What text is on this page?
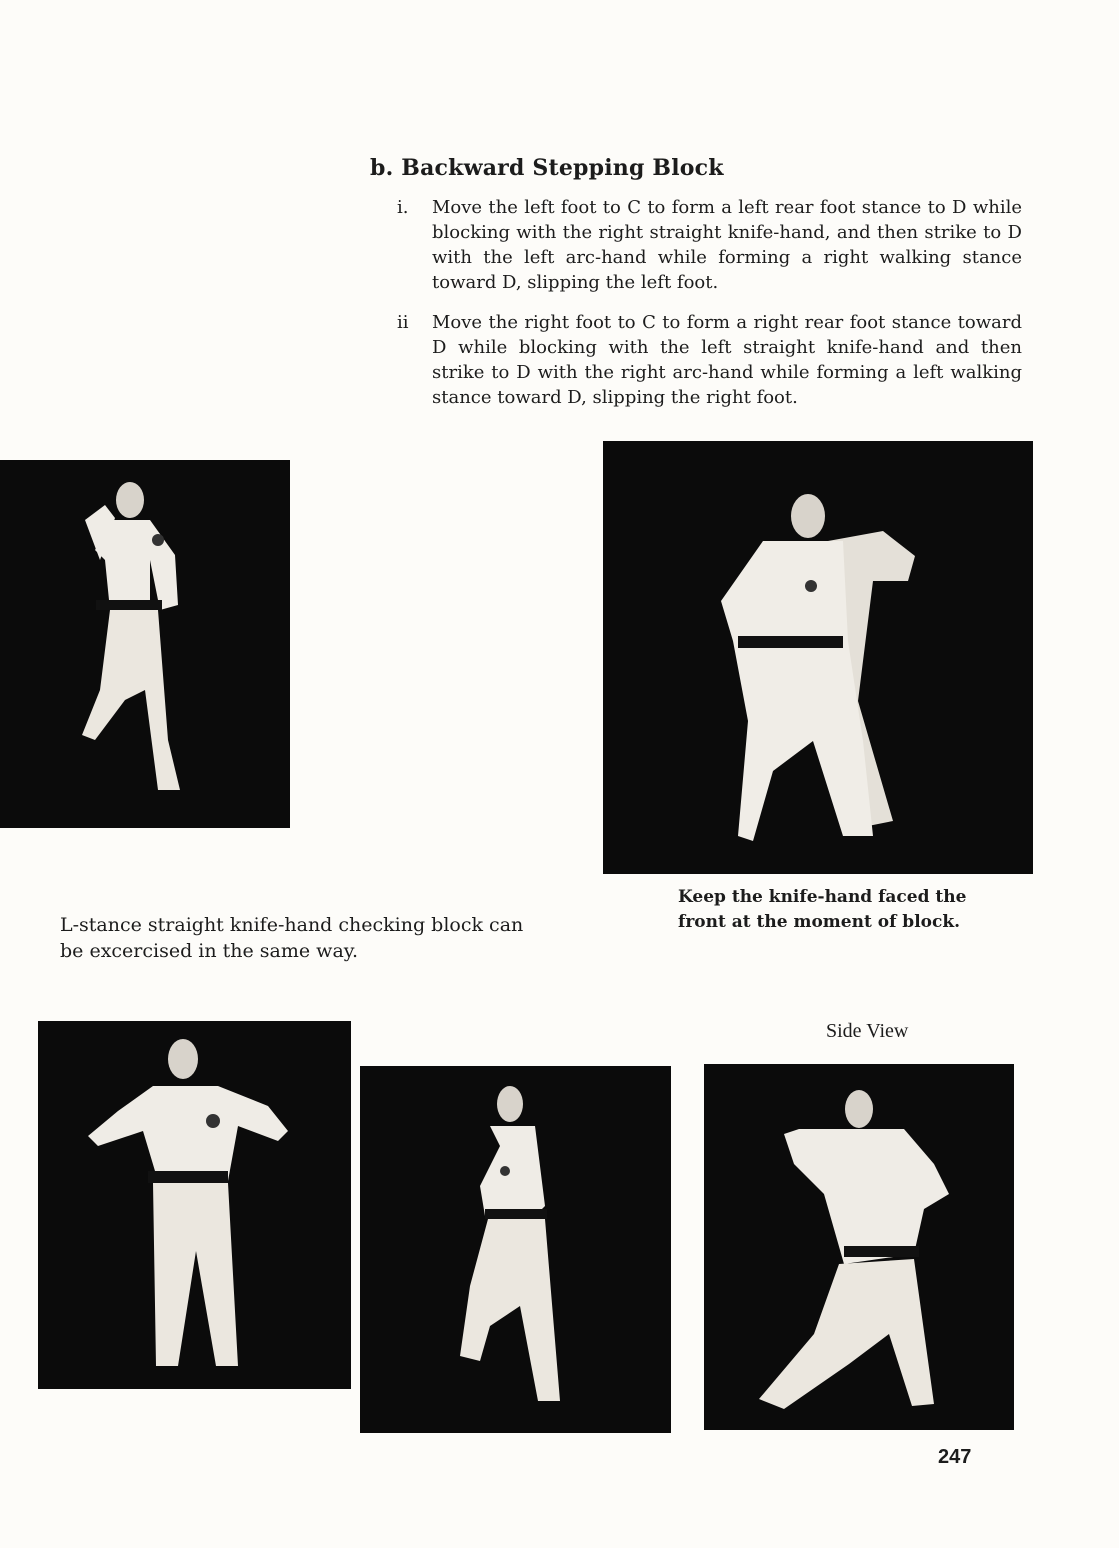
b. Backward Stepping Block
i. Move the left foot to C to form a left rear foot stance to D while blocking with the right straight knife-hand, and then strike to D with the left arc-hand while forming a right walking stance toward D, slipping the left foot.
ii Move the right foot to C to form a right rear foot stance toward D while blocking with the left straight knife-hand and then strike to D with the right arc-hand while forming a left walking stance toward D, slipping the right foot.
L-stance straight knife-hand checking block can be excercised in the same way.
Keep the knife-hand faced the front at the moment of block.
Side View
247
